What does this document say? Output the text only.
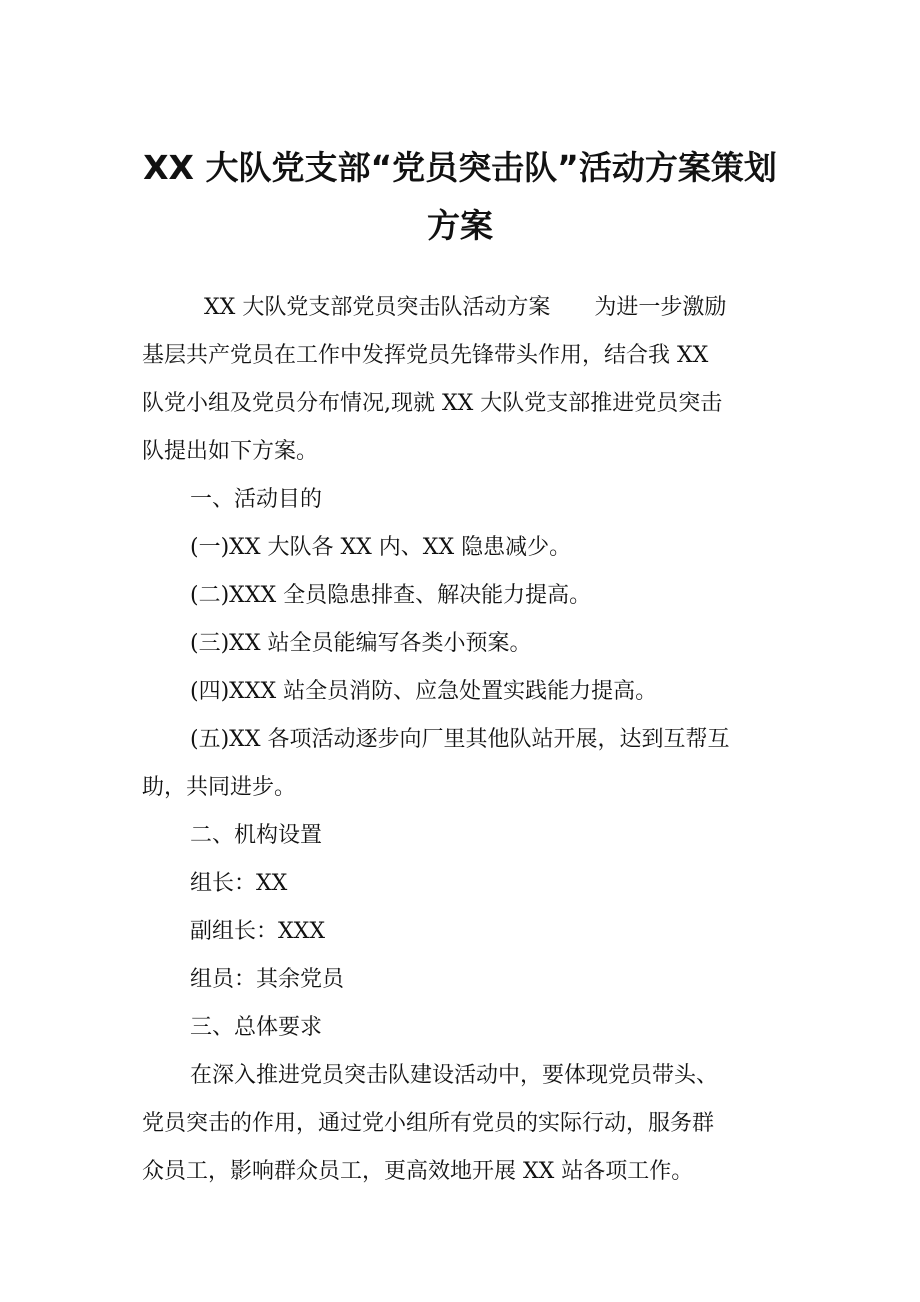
XX 大队党支部“党员突击队”活动方案策划
方案
XX 大队党支部党员突击队活动方案　　为进一步激励
基层共产党员在工作中发挥党员先锋带头作用，结合我 XX
队党小组及党员分布情况,现就 XX 大队党支部推进党员突击
队提出如下方案。
一、活动目的
(一)XX 大队各 XX 内、XX 隐患减少。
(二)XXX 全员隐患排查、解决能力提高。
(三)XX 站全员能编写各类小预案。
(四)XXX 站全员消防、应急处置实践能力提高。
(五)XX 各项活动逐步向厂里其他队站开展，达到互帮互
助，共同进步。
二、机构设置
组长：XX
副组长：XXX
组员：其余党员
三、总体要求
在深入推进党员突击队建设活动中，要体现党员带头、
党员突击的作用，通过党小组所有党员的实际行动，服务群
众员工，影响群众员工，更高效地开展 XX 站各项工作。
